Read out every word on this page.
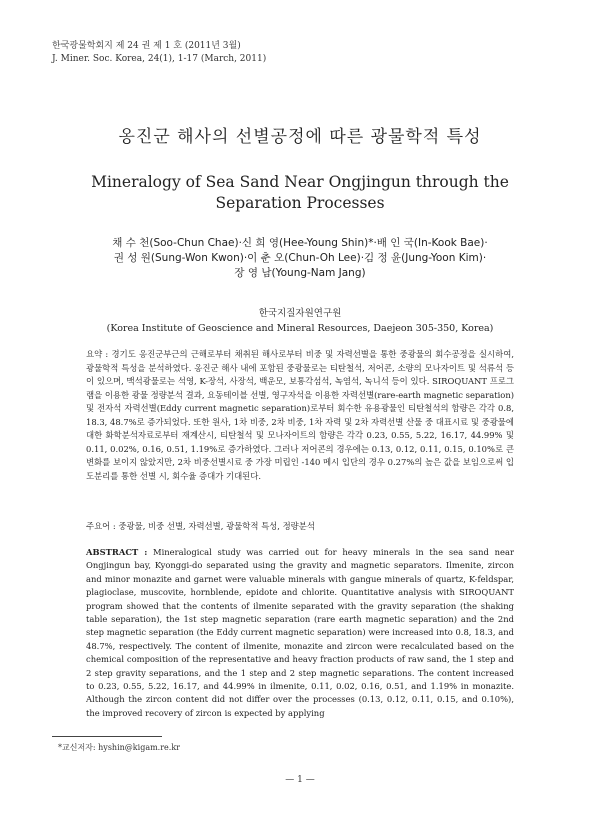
한국광물학회지 제 24 권 제 1 호 (2011년 3월)
J. Miner. Soc. Korea, 24(1), 1-17 (March, 2011)
옹진군 해사의 선별공정에 따른 광물학적 특성
Mineralogy of Sea Sand Near Ongjingun through the
Separation Processes
채 수 천(Soo-Chun Chae)·신 희 영(Hee-Young Shin)*·배 인 국(In-Kook Bae)·
권 성 원(Sung-Won Kwon)·이 춘 오(Chun-Oh Lee)·김 정 윤(Jung-Yoon Kim)·
장 영 남(Young-Nam Jang)
한국지질자원연구원
(Korea Institute of Geoscience and Mineral Resources, Daejeon 305-350, Korea)
요약 : 경기도 옹진군부근의 근해로부터 채취된 해사로부터 비중 및 자력선별을 통한 중광물의 회수공정을 실시하여, 광물학적 특성을 분석하였다. 옹진군 해사 내에 포함된 중광물로는 티탄철석, 저어콘, 소량의 모나자이트 및 석류석 등이 있으며, 맥석광물로는 석영, K-장석, 사장석, 백운모, 보통각섬석, 녹염석, 녹니석 등이 있다. SIROQUANT 프로그램을 이용한 광물 정량분석 결과, 요동테이블 선별, 영구자석을 이용한 자력선별(rare-earth magnetic separation) 및 전자석 자력선별(Eddy current magnetic separation)로부터 회수한 유용광물인 티탄철석의 함량은 각각 0.8, 18.3, 48.7%로 증가되었다. 또한 원사, 1차 비중, 2차 비중, 1차 자력 및 2차 자력선별 산물 중 대표시료 및 중광물에 대한 화학분석자료로부터 재계산시, 티탄철석 및 모나자이트의 함량은 각각 0.23, 0.55, 5.22, 16.17, 44.99% 및 0.11, 0.02%, 0.16, 0.51, 1.19%로 증가하였다. 그러나 저어콘의 경우에는 0.13, 0.12, 0.11, 0.15, 0.10%로 큰 변화를 보이지 않았지만, 2차 비중선별시료 중 가장 미립인 -140 메시 입단의 경우 0.27%의 높은 값을 보임으로써 입도분리를 통한 선별 시, 회수율 증대가 기대된다.
주요어 : 중광물, 비중 선별, 자력선별, 광물학적 특성, 정량분석
ABSTRACT : Mineralogical study was carried out for heavy minerals in the sea sand near Ongjingun bay, Kyonggi-do separated using the gravity and magnetic separators. Ilmenite, zircon and minor monazite and garnet were valuable minerals with gangue minerals of quartz, K-feldspar, plagioclase, muscovite, hornblende, epidote and chlorite. Quantitative analysis with SIROQUANT program showed that the contents of ilmenite separated with the gravity separation (the shaking table separation), the 1st step magnetic separation (rare earth magnetic separation) and the 2nd step magnetic separation (the Eddy current magnetic separation) were increased into 0.8, 18.3, and 48.7%, respectively. The content of ilmenite, monazite and zircon were recalculated based on the chemical composition of the representative and heavy fraction products of raw sand, the 1 step and 2 step gravity separations, and the 1 step and 2 step magnetic separations. The content increased to 0.23, 0.55, 5.22, 16.17, and 44.99% in ilmenite, 0.11, 0.02, 0.16, 0.51, and 1.19% in monazite. Although the zircon content did not differ over the processes (0.13, 0.12, 0.11, 0.15, and 0.10%), the improved recovery of zircon is expected by applying
*교신저자: hyshin@kigam.re.kr
— 1 —
